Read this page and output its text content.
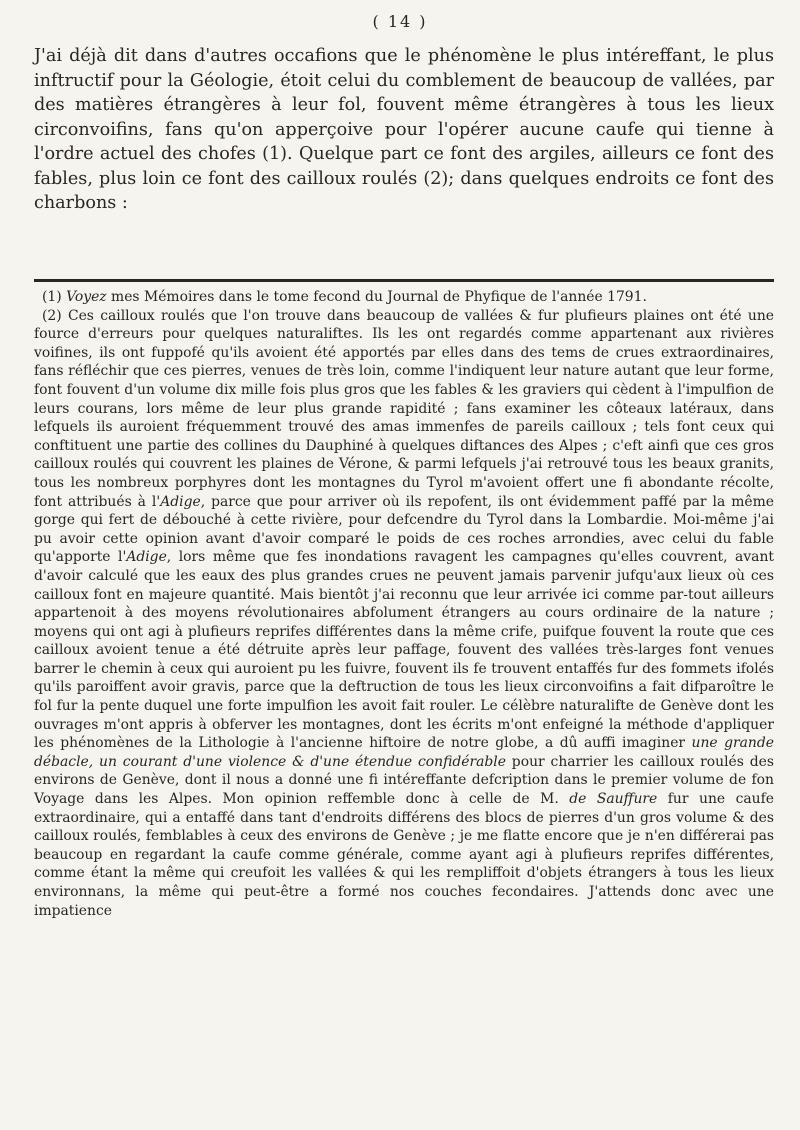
( 14 )

J'ai déjà dit dans d'autres occafions que le phénomène le plus intéreffant, le plus inftructif pour la Géologie, étoit celui du comblement de beaucoup de vallées, par des matières étrangères à leur fol, fouvent même étrangères à tous les lieux circonvoifins, fans qu'on apperçoive pour l'opérer aucune caufe qui tienne à l'ordre actuel des chofes (1). Quelque part ce font des argiles, ailleurs ce font des fables, plus loin ce font des cailloux roulés (2); dans quelques endroits ce font des charbons :

(1) Voyez mes Mémoires dans le tome fecond du Journal de Phyfique de l'année 1791.

(2) Ces cailloux roulés que l'on trouve dans beaucoup de vallées & fur plufieurs plaines ont été une fource d'erreurs pour quelques naturaliftes. Ils les ont regardés comme appartenant aux rivières voifines, ils ont fuppofé qu'ils avoient été apportés par elles dans des tems de crues extraordinaires, fans réfléchir que ces pierres, venues de très loin, comme l'indiquent leur nature autant que leur forme, font fouvent d'un volume dix mille fois plus gros que les fables & les graviers qui cèdent à l'impulfion de leurs courans, lors même de leur plus grande rapidité ; fans examiner les côteaux latéraux, dans lefquels ils auroient fréquemment trouvé des amas immenfes de pareils cailloux ; tels font ceux qui conftituent une partie des collines du Dauphiné à quelques diftances des Alpes ; c'eft ainfi que ces gros cailloux roulés qui couvrent les plaines de Vérone, & parmi lefquels j'ai retrouvé tous les beaux granits, tous les nombreux porphyres dont les montagnes du Tyrol m'avoient offert une fi abondante récolte, font attribués à l'Adige, parce que pour arriver où ils repofent, ils ont évidemment paffé par la même gorge qui fert de débouché à cette rivière, pour defcendre du Tyrol dans la Lombardie. Moi-même j'ai pu avoir cette opinion avant d'avoir comparé le poids de ces roches arrondies, avec celui du fable qu'apporte l'Adige, lors même que fes inondations ravagent les campagnes qu'elles couvrent, avant d'avoir calculé que les eaux des plus grandes crues ne peuvent jamais parvenir jufqu'aux lieux où ces cailloux font en majeure quantité. Mais bientôt j'ai reconnu que leur arrivée ici comme par-tout ailleurs appartenoit à des moyens révolutionaires abfolument étrangers au cours ordinaire de la nature ; moyens qui ont agi à plufieurs reprifes différentes dans la même crife, puifque fouvent la route que ces cailloux avoient tenue a été détruite après leur paffage, fouvent des vallées très-larges font venues barrer le chemin à ceux qui auroient pu les fuivre, fouvent ils fe trouvent entaffés fur des fommets ifolés qu'ils paroiffent avoir gravis, parce que la deftruction de tous les lieux circonvoifins a fait difparoître le fol fur la pente duquel une forte impulfion les avoit fait rouler. Le célèbre naturalifte de Genève dont les ouvrages m'ont appris à obferver les montagnes, dont les écrits m'ont enfeigné la méthode d'appliquer les phénomènes de la Lithologie à l'ancienne hiftoire de notre globe, a dû auffi imaginer une grande débacle, un courant d'une violence & d'une étendue confidérable pour charrier les cailloux roulés des environs de Genève, dont il nous a donné une fi intéreffante defcription dans le premier volume de fon Voyage dans les Alpes. Mon opinion reffemble donc à celle de M. de Sauffure fur une caufe extraordinaire, qui a entaffé dans tant d'endroits différens des blocs de pierres d'un gros volume & des cailloux roulés, femblables à ceux des environs de Genève ; je me flatte encore que je n'en différerai pas beaucoup en regardant la caufe comme générale, comme ayant agi à plufieurs reprifes différentes, comme étant la même qui creufoit les vallées & qui les rempliffoit d'objets étrangers à tous les lieux environnans, la même qui peut-être a formé nos couches fecondaires. J'attends donc avec une impatience
